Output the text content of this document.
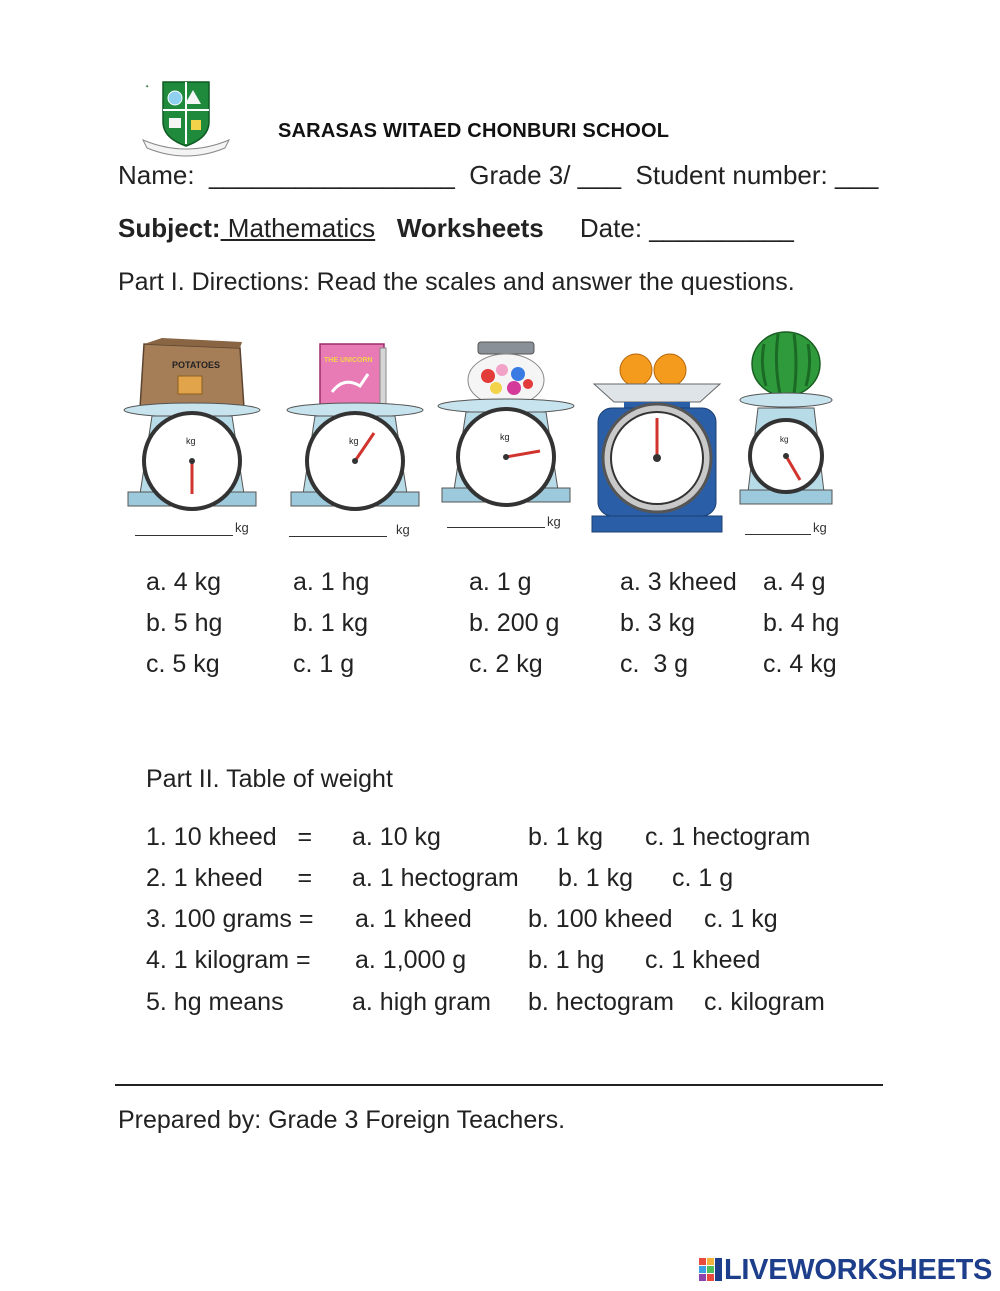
✦
SARASAS WITAED CHONBURI SCHOOL
Name:  _________________  Grade 3/ ___  Student number: ___
Subject: Mathematics Worksheets Date: __________
Part I. Directions: Read the scales and answer the questions.
POTATOES
kg
kg
THE UNICORN
kg
kg
kg
kg
kg
kg
a. 4 kg
b. 5 hg
c. 5 kg
a. 1 hg
b. 1 kg
c. 1 g
a. 1 g
b. 200 g
c. 2 kg
a. 3 kheed
b. 3 kg
c.  3 g
a. 4 g
b. 4 hg
c. 4 kg
Part II. Table of weight

1. 10 kheed   =

a. 10 kg

	b. 1 kg

c. 1 hectogram

2. 1 kheed     =

a. 1 hectogram

b. 1 kg

c. 1 g

3. 100 grams =

a. 1 kheed

b. 100 kheed

c. 1 kg

4. 1 kilogram =

a. 1,000 g

b. 1 hg

c. 1 kheed

5. hg means

	a. high gram

b. hectogram

c. kilogram

Prepared by: Grade 3 Foreign Teachers.
LIVEWORKSHEETS
